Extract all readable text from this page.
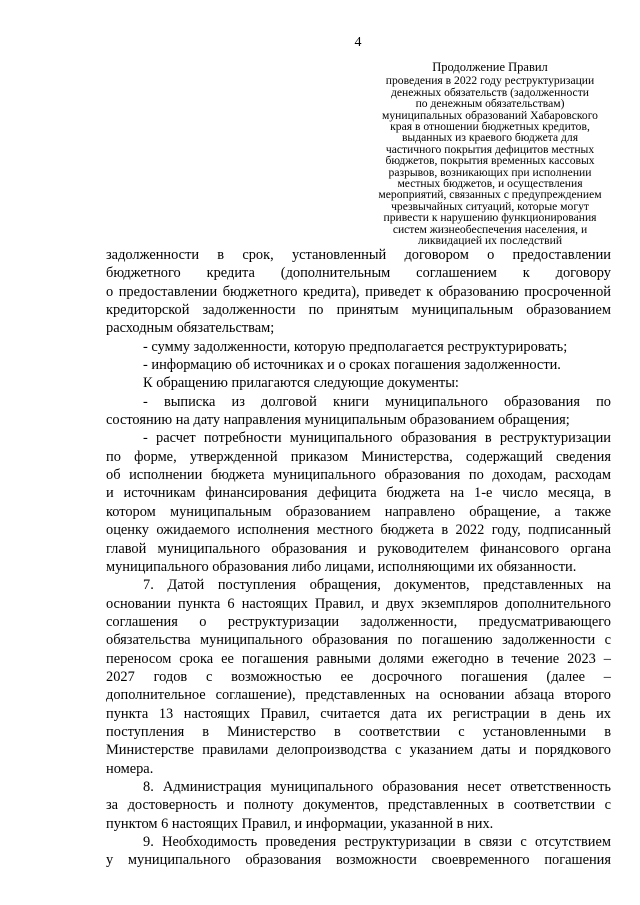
4
Продолжение Правил
проведения в 2022 году реструктуризации
денежных обязательств (задолженности
по денежным обязательствам)
муниципальных образований Хабаровского
края в отношении бюджетных кредитов,
выданных из краевого бюджета для
частичного покрытия дефицитов местных
бюджетов, покрытия временных кассовых
разрывов, возникающих при исполнении
местных бюджетов, и осуществления
мероприятий, связанных с предупреждением
чрезвычайных ситуаций, которые могут
привести к нарушению функционирования
систем жизнеобеспечения населения, и
ликвидацией их последствий
задолженности в срок, установленный договором о предоставлении
бюджетного кредита (дополнительным соглашением к договору
о предоставлении бюджетного кредита), приведет к образованию просроченной
кредиторской задолженности по принятым муниципальным образованием
расходным обязательствам;
- сумму задолженности, которую предполагается реструктурировать;
- информацию об источниках и о сроках погашения задолженности.
К обращению прилагаются следующие документы:
- выписка из долговой книги муниципального образования по
состоянию на дату направления муниципальным образованием обращения;
- расчет потребности муниципального образования в реструктуризации
по форме, утвержденной приказом Министерства, содержащий сведения
об исполнении бюджета муниципального образования по доходам, расходам
и источникам финансирования дефицита бюджета на 1-е число месяца, в
котором муниципальным образованием направлено обращение, а также
оценку ожидаемого исполнения местного бюджета в 2022 году, подписанный
главой муниципального образования и руководителем финансового органа
муниципального образования либо лицами, исполняющими их обязанности.
7. Датой поступления обращения, документов, представленных на
основании пункта 6 настоящих Правил, и двух экземпляров дополнительного
соглашения о реструктуризации задолженности, предусматривающего
обязательства муниципального образования по погашению задолженности с
переносом срока ее погашения равными долями ежегодно в течение 2023 –
2027 годов с возможностью ее досрочного погашения (далее –
дополнительное соглашение), представленных на основании абзаца второго
пункта 13 настоящих Правил, считается дата их регистрации в день их
поступления в Министерство в соответствии с установленными в
Министерстве правилами делопроизводства с указанием даты и порядкового
номера.
8. Администрация муниципального образования несет ответственность
за достоверность и полноту документов, представленных в соответствии с
пунктом 6 настоящих Правил, и информации, указанной в них.
9. Необходимость проведения реструктуризации в связи с отсутствием
у муниципального образования возможности своевременного погашения
